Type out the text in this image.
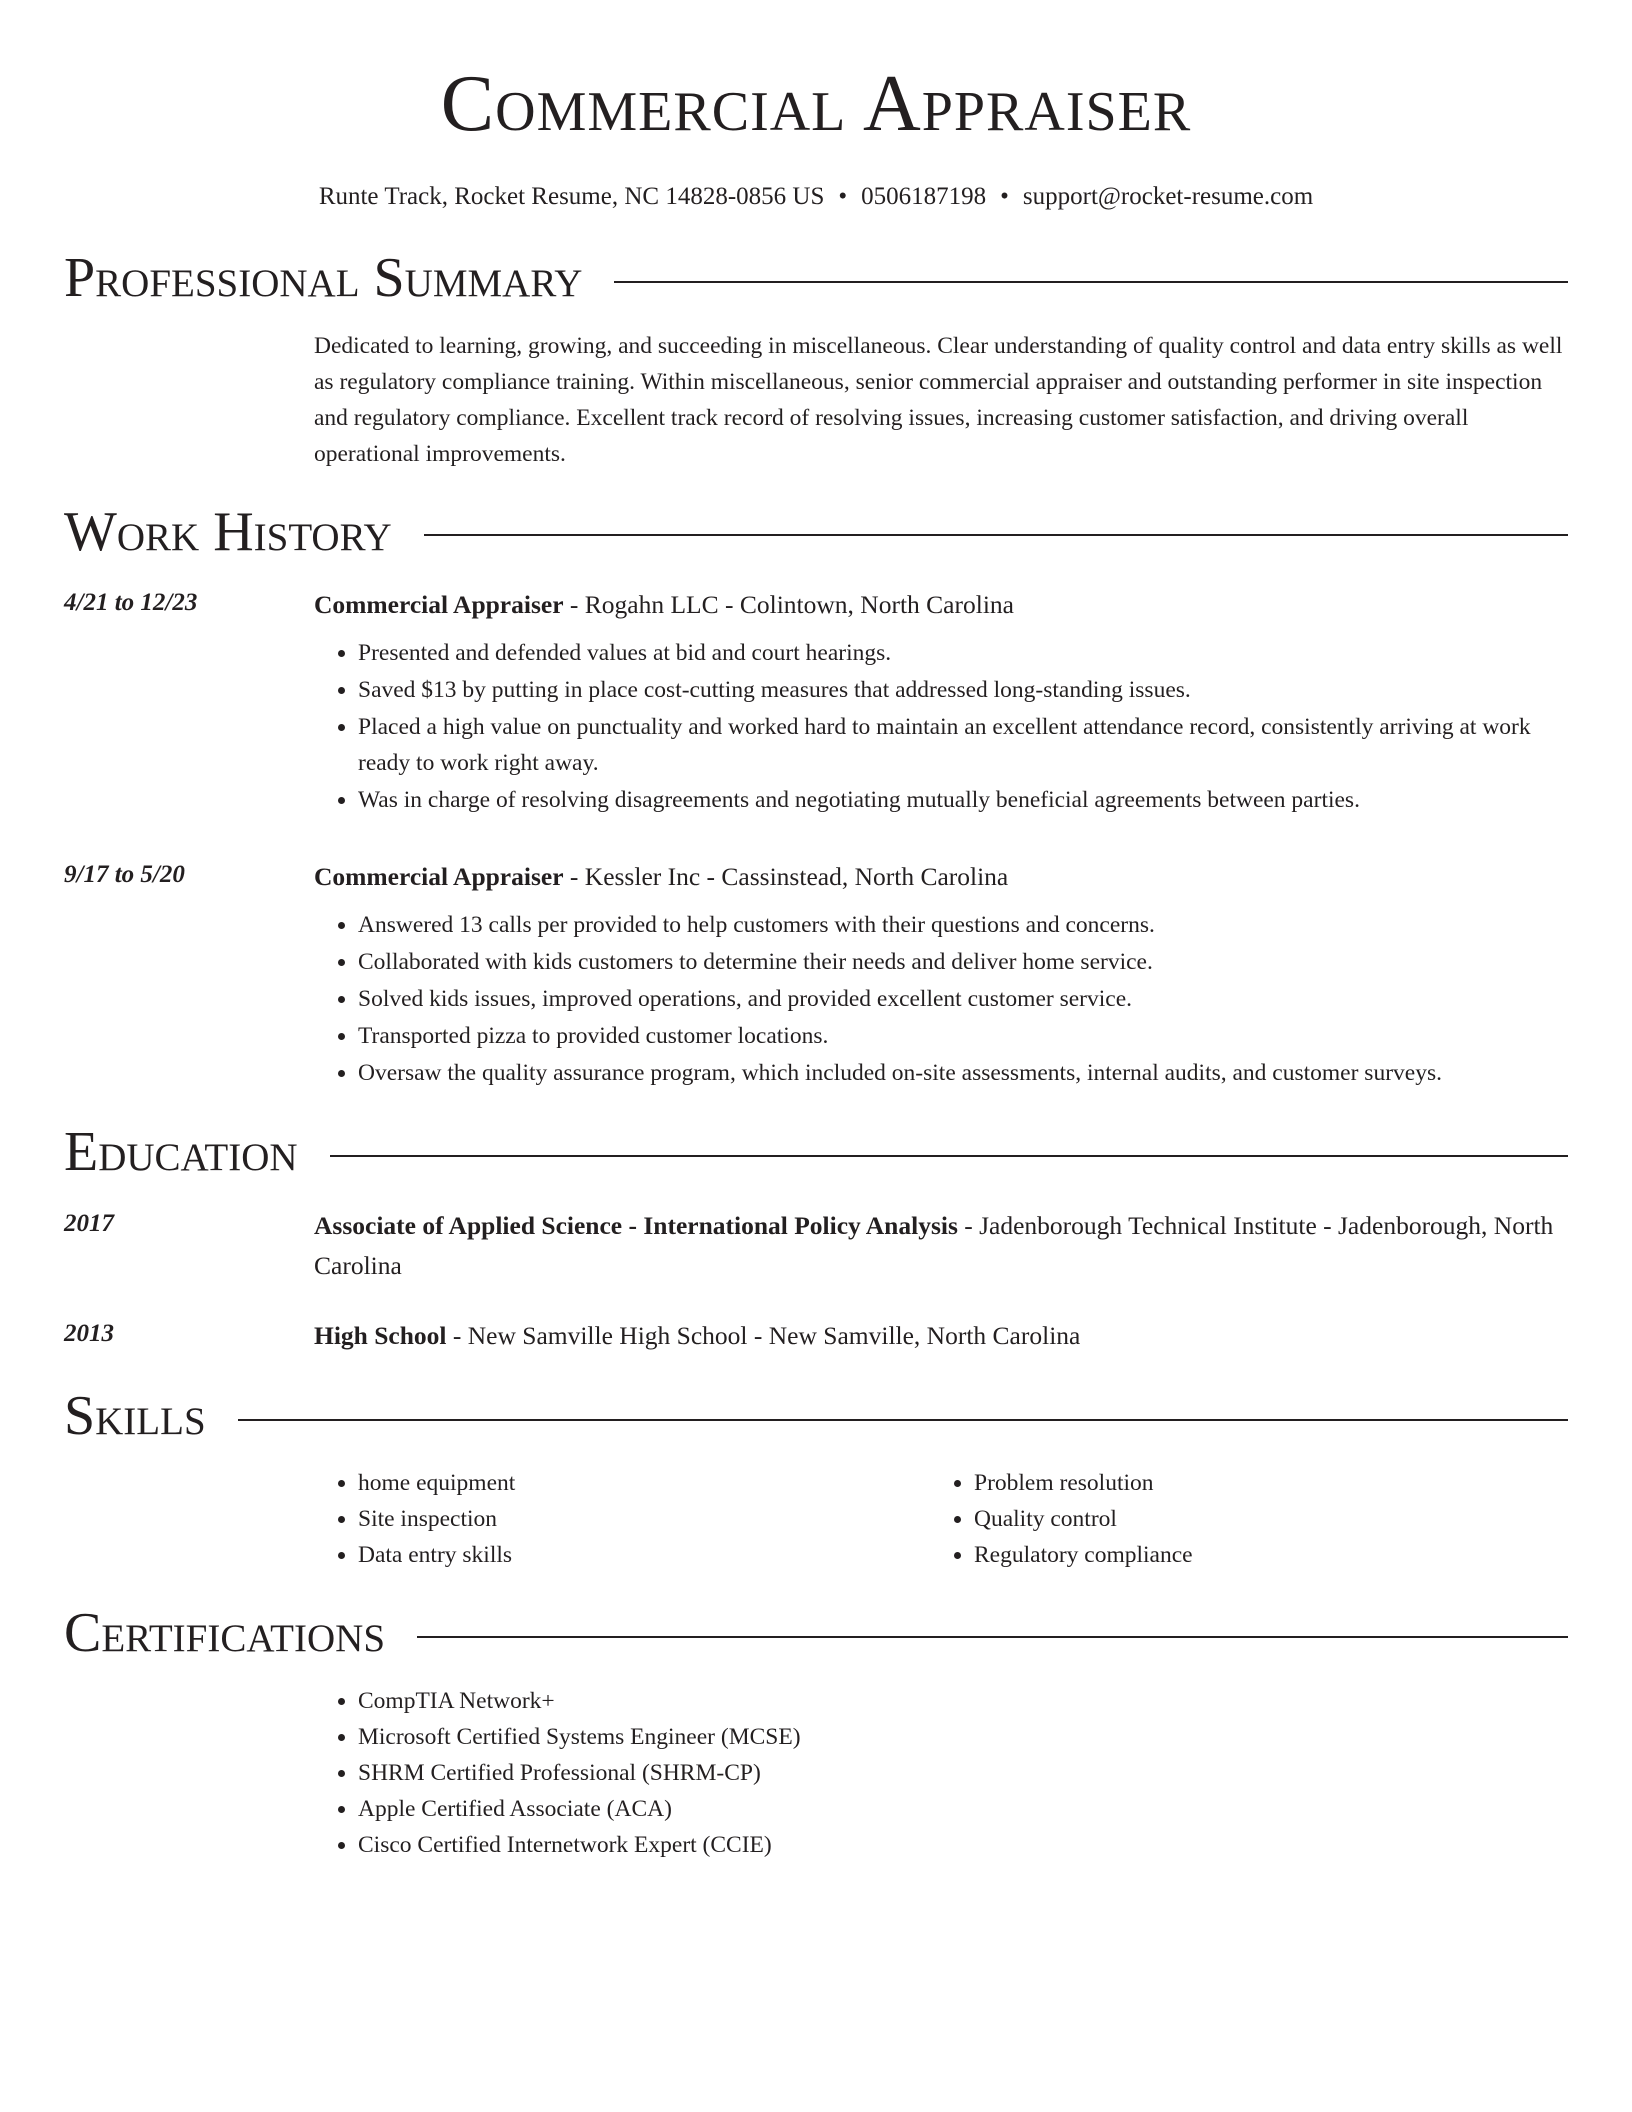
Commercial Appraiser
Runte Track, Rocket Resume, NC 14828-0856 US • 0506187198 • support@rocket-resume.com
Professional Summary
Dedicated to learning, growing, and succeeding in miscellaneous. Clear understanding of quality control and data entry skills as well as regulatory compliance training. Within miscellaneous, senior commercial appraiser and outstanding performer in site inspection and regulatory compliance. Excellent track record of resolving issues, increasing customer satisfaction, and driving overall operational improvements.
Work History
4/21 to 12/23	Commercial Appraiser - Rogahn LLC - Colintown, North Carolina
• Presented and defended values at bid and court hearings.
• Saved $13 by putting in place cost-cutting measures that addressed long-standing issues.
• Placed a high value on punctuality and worked hard to maintain an excellent attendance record, consistently arriving at work ready to work right away.
• Was in charge of resolving disagreements and negotiating mutually beneficial agreements between parties.
9/17 to 5/20	Commercial Appraiser - Kessler Inc - Cassinstead, North Carolina
• Answered 13 calls per provided to help customers with their questions and concerns.
• Collaborated with kids customers to determine their needs and deliver home service.
• Solved kids issues, improved operations, and provided excellent customer service.
• Transported pizza to provided customer locations.
• Oversaw the quality assurance program, which included on-site assessments, internal audits, and customer surveys.
Education
2017	Associate of Applied Science - International Policy Analysis - Jadenborough Technical Institute - Jadenborough, North Carolina
2013	High School - New Samville High School - New Samville, North Carolina
Skills
• home equipment
• Site inspection
• Data entry skills
• Problem resolution
• Quality control
• Regulatory compliance
Certifications
• CompTIA Network+
• Microsoft Certified Systems Engineer (MCSE)
• SHRM Certified Professional (SHRM-CP)
• Apple Certified Associate (ACA)
• Cisco Certified Internetwork Expert (CCIE)
